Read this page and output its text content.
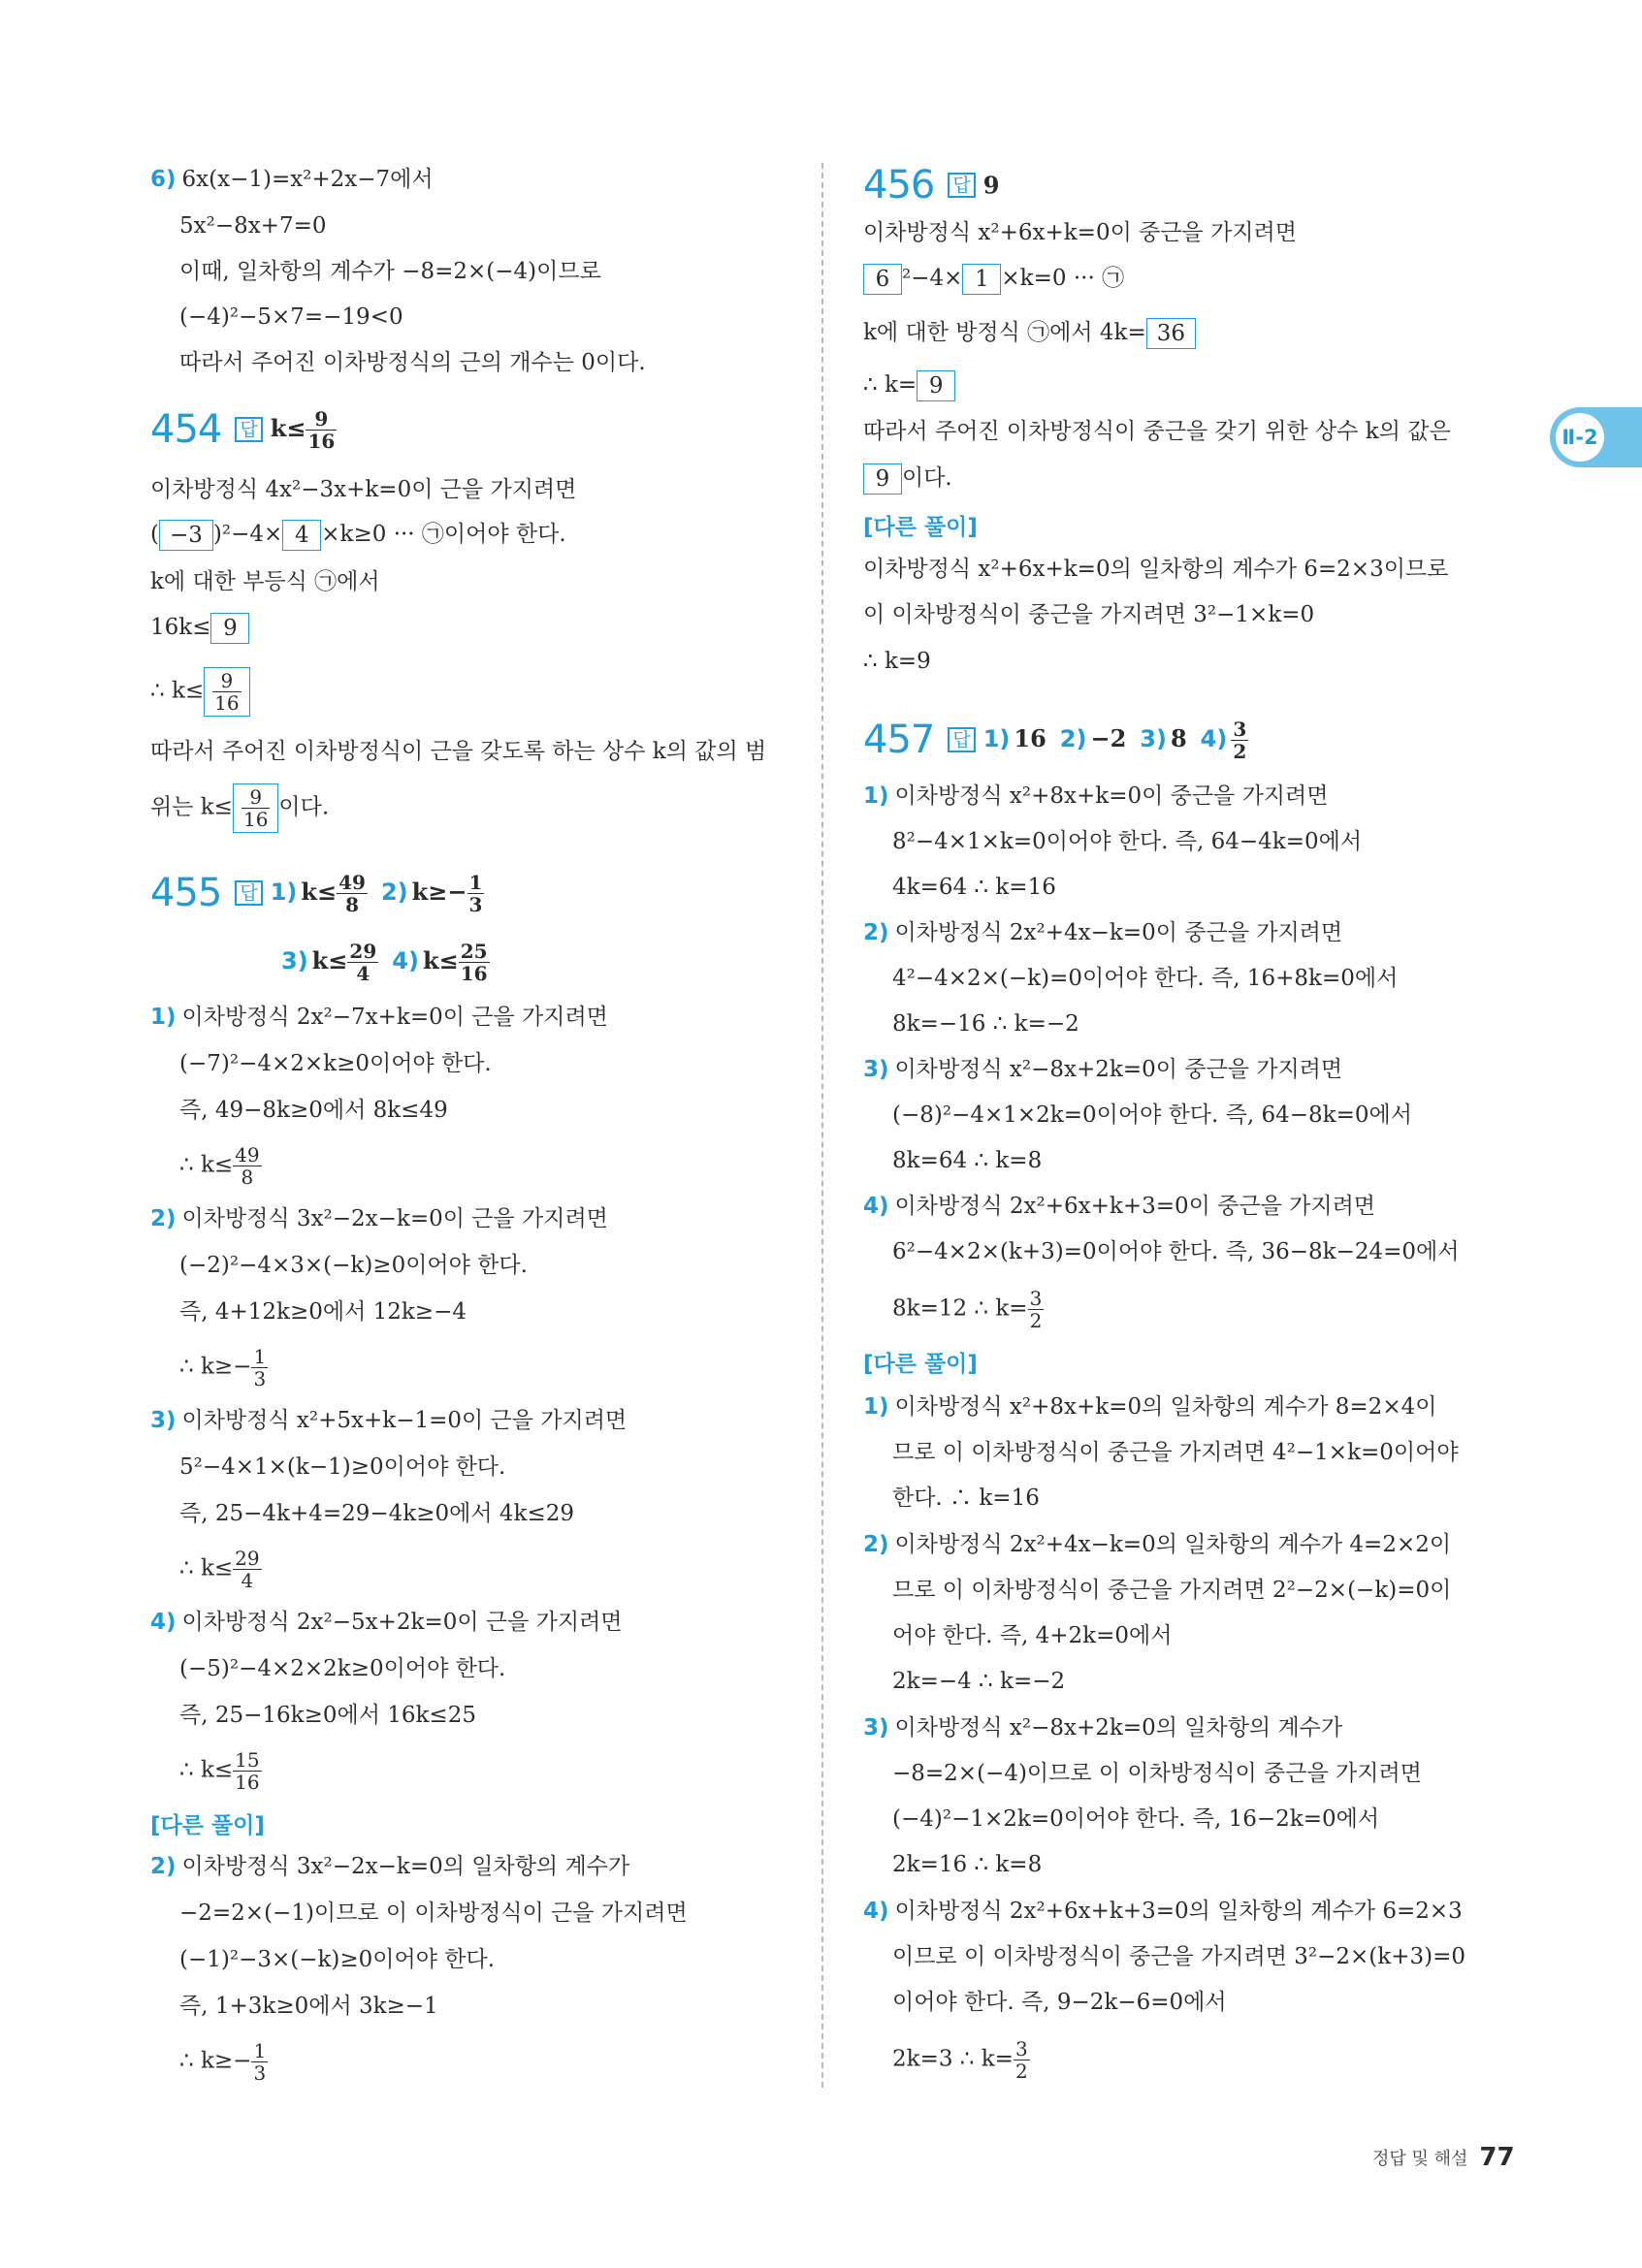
6) 6x(x−1)=x²+2x−7에서
5x²−8x+7=0
이때, 일차항의 계수가 −8=2×(−4)이므로
(−4)²−5×7=−19<0
따라서 주어진 이차방정식의 근의 개수는 0이다.
454 답 $k\le \frac{9}{16}$
이차방정식 4x²−3x+k=0이 근을 가지려면
( −3 )²−4× 4 ×k≥0 ··· ㉠이어야 한다.
k에 대한 부등식 ㉠에서
16k≤ 9
∴ $k\le \frac{9}{16}$
따라서 주어진 이차방정식이 근을 갖도록 하는 상수 k의 값의 범
위는 $k\le \frac{9}{16}$ 이다.
455 답 1) $k\le \frac{49}{8} 2$) $k\ge- \frac{1}{3}$
3) $k\le \frac{29}{4} 4$) $k\le \frac{25}{16}$
1) 이차방정식 2x²−7x+k=0이 근을 가지려면
(−7)²−4×2×k≥0이어야 한다.
즉, 49−8k≥0에서 8k≤49
∴ $k\le \frac{49}{8}$
2) 이차방정식 3x²−2x−k=0이 근을 가지려면
(−2)²−4×3×(−k)≥0이어야 한다.
즉, 4+12k≥0에서 12k≥−4
∴ $k\ge- \frac{1}{3}$
3) 이차방정식 x²+5x+k−1=0이 근을 가지려면
5²−4×1×(k−1)≥0이어야 한다.
즉, 25−4k+4=29−4k≥0에서 4k≤29
∴ $k\le \frac{29}{4}$
4) 이차방정식 2x²−5x+2k=0이 근을 가지려면
(−5)²−4×2×2k≥0이어야 한다.
즉, 25−16k≥0에서 16k≤25
∴ $k\le \frac{15}{16}$
[다른 풀이]
2) 이차방정식 3x²−2x−k=0의 일차항의 계수가
−2=2×(−1)이므로 이 이차방정식이 근을 가지려면
(−1)²−3×(−k)≥0이어야 한다.
즉, 1+3k≥0에서 3k≥−1
∴ $k\ge- \frac{1}{3}$
456 답 9
이차방정식 x²+6x+k=0이 중근을 가지려면
6 ²−4× 1 ×k=0 ··· ㉠
k에 대한 방정식 ㉠에서 4k= 36
∴ k= 9
따라서 주어진 이차방정식이 중근을 갖기 위한 상수 k의 값은
9 이다.
[다른 풀이]
이차방정식 x²+6x+k=0의 일차항의 계수가 6=2×3이므로
이 이차방정식이 중근을 가지려면 3²−1×k=0
∴ k=9
457 답 1) 16 2) −2 3) 8 $4) \frac{3}{2}$
1) 이차방정식 x²+8x+k=0이 중근을 가지려면
8²−4×1×k=0이어야 한다. 즉, 64−4k=0에서
4k=64 ∴ k=16
2) 이차방정식 2x²+4x−k=0이 중근을 가지려면
4²−4×2×(−k)=0이어야 한다. 즉, 16+8k=0에서
8k=−16 ∴ k=−2
3) 이차방정식 x²−8x+2k=0이 중근을 가지려면
(−8)²−4×1×2k=0이어야 한다. 즉, 64−8k=0에서
8k=64 ∴ k=8
4) 이차방정식 2x²+6x+k+3=0이 중근을 가지려면
6²−4×2×(k+3)=0이어야 한다. 즉, 36−8k−24=0에서
8k=12 ∴ $k= \frac{3}{2}$
[다른 풀이]
1) 이차방정식 x²+8x+k=0의 일차항의 계수가 8=2×4이
므로 이 이차방정식이 중근을 가지려면 4²−1×k=0이어야
한다. ∴ k=16
2) 이차방정식 2x²+4x−k=0의 일차항의 계수가 4=2×2이
므로 이 이차방정식이 중근을 가지려면 2²−2×(−k)=0이
어야 한다. 즉, 4+2k=0에서
2k=−4 ∴ k=−2
3) 이차방정식 x²−8x+2k=0의 일차항의 계수가
−8=2×(−4)이므로 이 이차방정식이 중근을 가지려면
(−4)²−1×2k=0이어야 한다. 즉, 16−2k=0에서
2k=16 ∴ k=8
4) 이차방정식 2x²+6x+k+3=0의 일차항의 계수가 6=2×3
이므로 이 이차방정식이 중근을 가지려면 3²−2×(k+3)=0
이어야 한다. 즉, 9−2k−6=0에서
2k=3 ∴ $k= \frac{3}{2}$
Ⅱ-2
정답 및 해설 77
